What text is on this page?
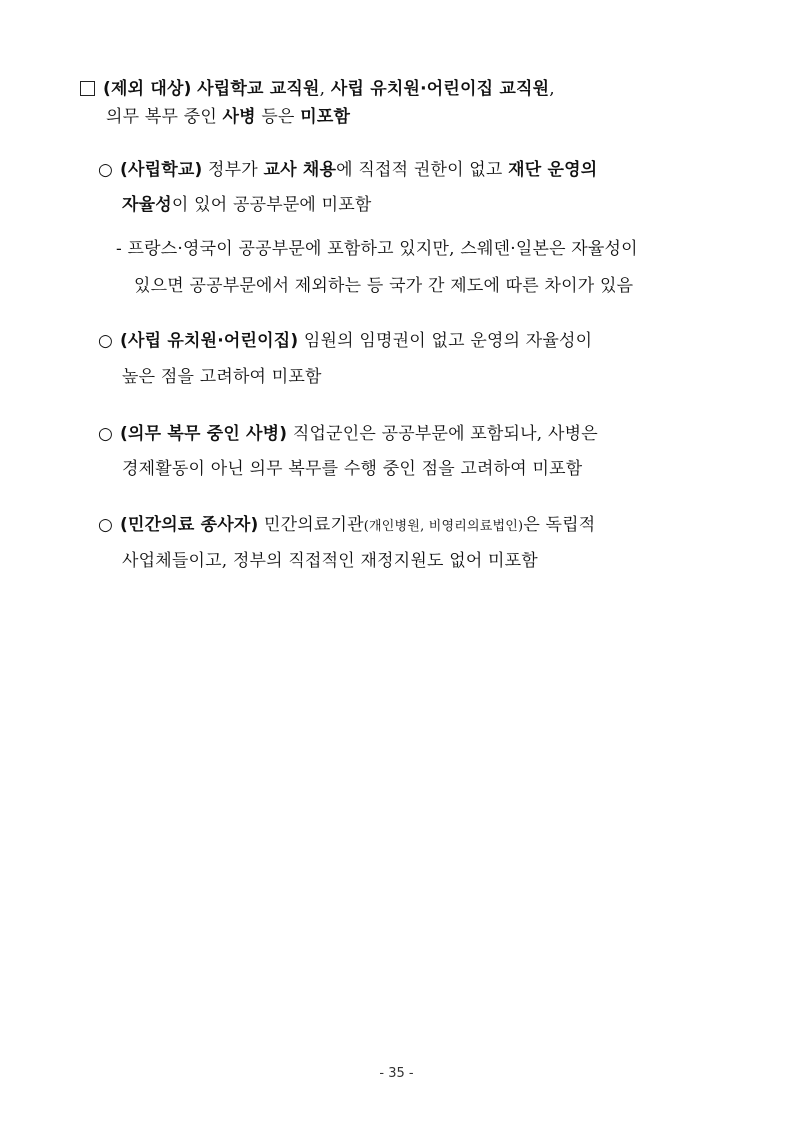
(제외 대상) 사립학교 교직원, 사립 유치원·어린이집 교직원,
의무 복무 중인 사병 등은 미포함
○ (사립학교) 정부가 교사 채용에 직접적 권한이 없고 재단 운영의
자율성이 있어 공공부문에 미포함
- 프랑스·영국이 공공부문에 포함하고 있지만, 스웨덴·일본은 자율성이
있으면 공공부문에서 제외하는 등 국가 간 제도에 따른 차이가 있음
○ (사립 유치원·어린이집) 임원의 임명권이 없고 운영의 자율성이
높은 점을 고려하여 미포함
○ (의무 복무 중인 사병) 직업군인은 공공부문에 포함되나, 사병은
경제활동이 아닌 의무 복무를 수행 중인 점을 고려하여 미포함
○ (민간의료 종사자) 민간의료기관(개인병원, 비영리의료법인)은 독립적
사업체들이고, 정부의 직접적인 재정지원도 없어 미포함
- 35 -
